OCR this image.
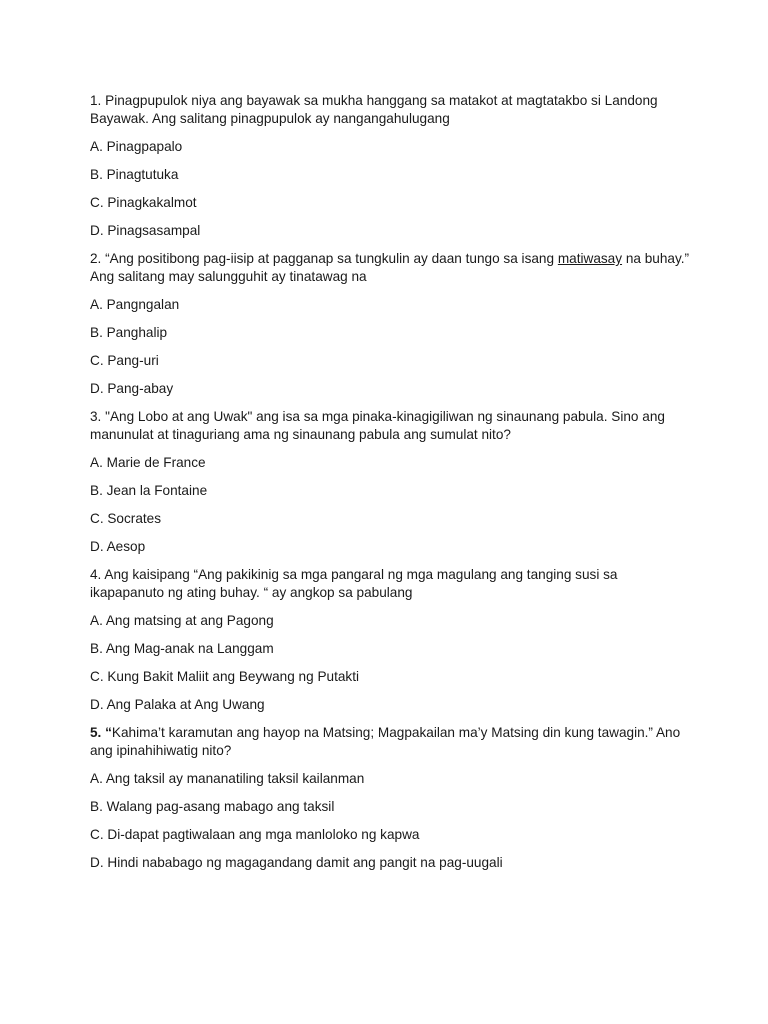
1. Pinagpupulok niya ang bayawak sa mukha hanggang sa matakot at magtatakbo si Landong Bayawak. Ang salitang pinagpupulok ay nangangahulugang

A. Pinagpapalo

B. Pinagtutuka

C. Pinagkakalmot

D. Pinagsasampal

2. “Ang positibong pag-iisip at pagganap sa tungkulin ay daan tungo sa isang matiwasay na buhay.” Ang salitang may salungguhit ay tinatawag na

A. Pangngalan

B. Panghalip

C. Pang-uri

D. Pang-abay

3. "Ang Lobo at ang Uwak" ang isa sa mga pinaka-kinagigiliwan ng sinaunang pabula. Sino ang manunulat at tinaguriang ama ng sinaunang pabula ang sumulat nito?

A. Marie de France

B. Jean la Fontaine

C. Socrates

D. Aesop

4. Ang kaisipang “Ang pakikinig sa mga pangaral ng mga magulang ang tanging susi sa ikapapanuto ng ating buhay. “ ay angkop sa pabulang

A. Ang matsing at ang Pagong

B. Ang Mag-anak na Langgam

C. Kung Bakit Maliit ang Beywang ng Putakti

D. Ang Palaka at Ang Uwang

5. “Kahima’t karamutan ang hayop na Matsing; Magpakailan ma’y Matsing din kung tawagin.” Ano ang ipinahihiwatig nito?

A. Ang taksil ay mananatiling taksil kailanman

B. Walang pag-asang mabago ang taksil

C. Di-dapat pagtiwalaan ang mga manloloko ng kapwa

D. Hindi nababago ng magagandang damit ang pangit na pag-uugali
